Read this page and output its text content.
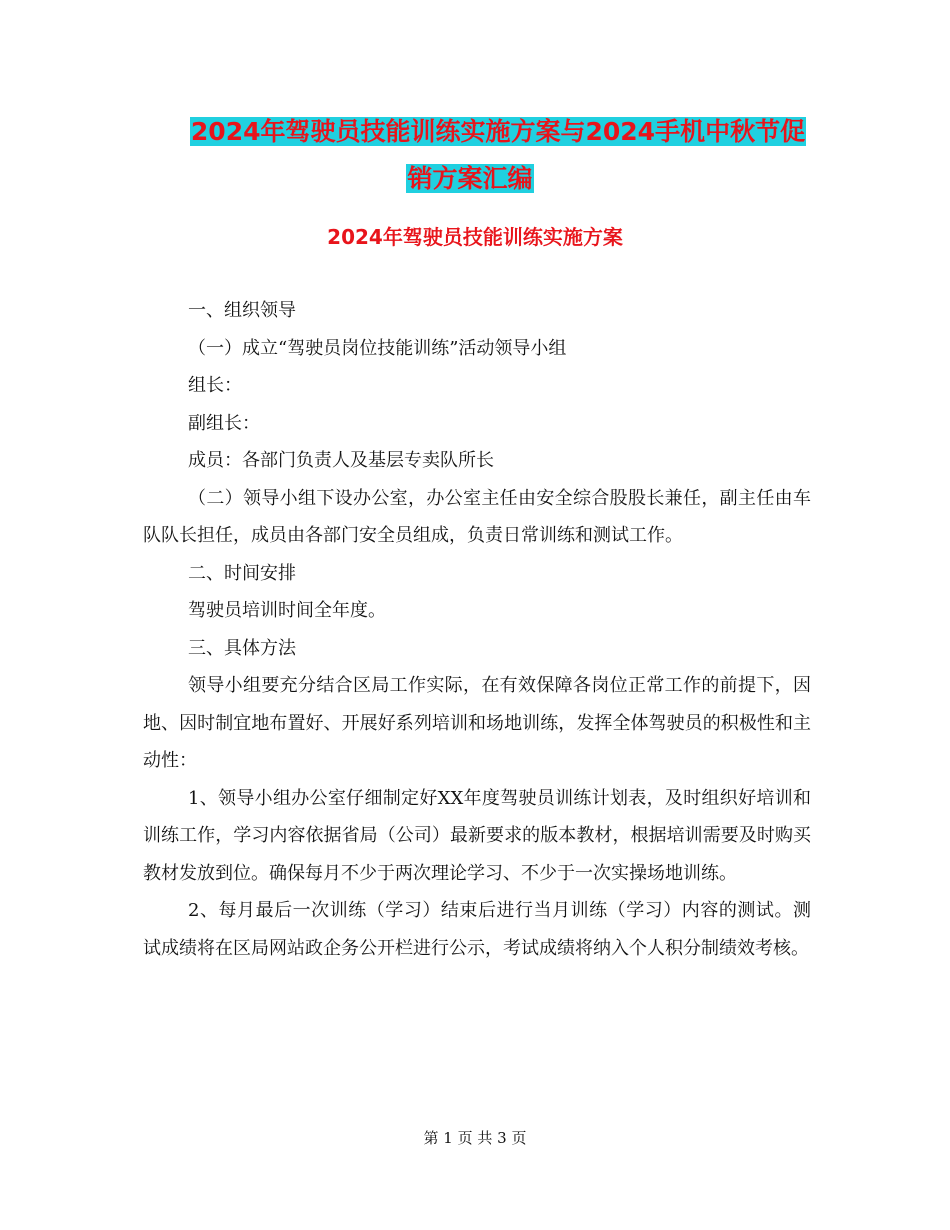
2024年驾驶员技能训练实施方案与2024手机中秋节促
销方案汇编
2024年驾驶员技能训练实施方案

一、组织领导

（一）成立“驾驶员岗位技能训练”活动领导小组

组长：

副组长：

成员：各部门负责人及基层专卖队所长

（二）领导小组下设办公室，办公室主任由安全综合股股长兼任，副主任由车队队长担任，成员由各部门安全员组成，负责日常训练和测试工作。

二、时间安排

驾驶员培训时间全年度。

三、具体方法

领导小组要充分结合区局工作实际，在有效保障各岗位正常工作的前提下，因地、因时制宜地布置好、开展好系列培训和场地训练，发挥全体驾驶员的积极性和主动性：

1、领导小组办公室仔细制定好XX年度驾驶员训练计划表，及时组织好培训和训练工作，学习内容依据省局（公司）最新要求的版本教材，根据培训需要及时购买教材发放到位。确保每月不少于两次理论学习、不少于一次实操场地训练。

2、每月最后一次训练（学习）结束后进行当月训练（学习）内容的测试。测试成绩将在区局网站政企务公开栏进行公示，考试成绩将纳入个人积分制绩效考核。

第 1 页 共 3 页
